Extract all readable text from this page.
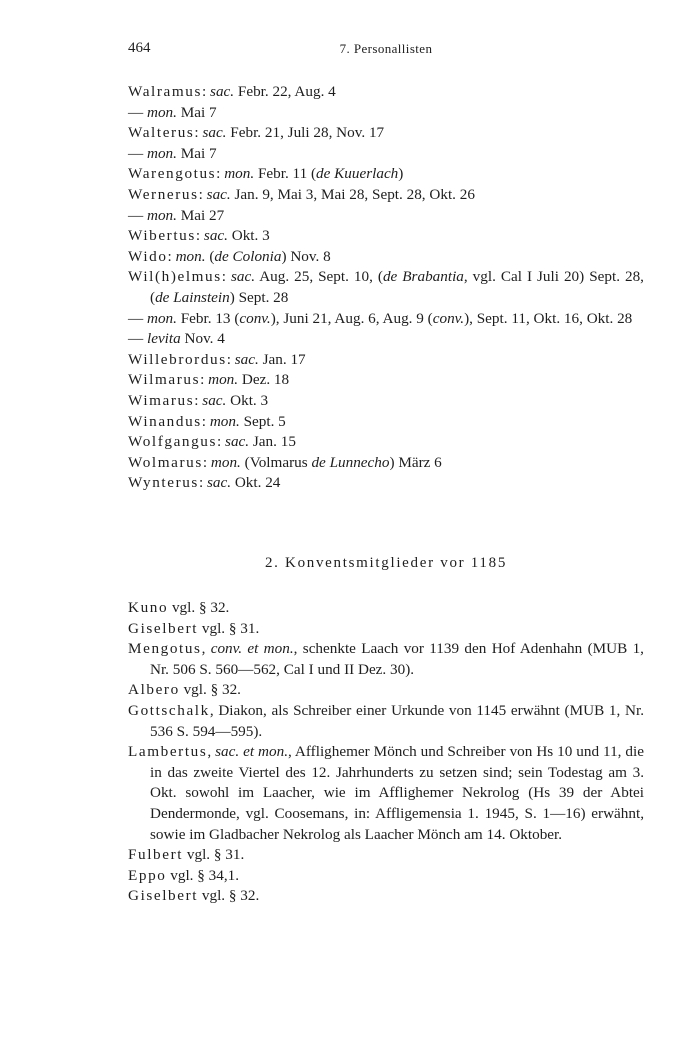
464	7. Personallisten

Walramus: sac. Febr. 22, Aug. 4

— mon. Mai 7

Walterus: sac. Febr. 21, Juli 28, Nov. 17

— mon. Mai 7

Warengotus: mon. Febr. 11 (de Kuuerlach)

Wernerus: sac. Jan. 9, Mai 3, Mai 28, Sept. 28, Okt. 26

— mon. Mai 27

Wibertus: sac. Okt. 3

Wido: mon. (de Colonia) Nov. 8

Wil(h)elmus: sac. Aug. 25, Sept. 10, (de Brabantia, vgl. Cal I Juli 20) Sept. 28, (de Lainstein) Sept. 28

— mon. Febr. 13 (conv.), Juni 21, Aug. 6, Aug. 9 (conv.), Sept. 11, Okt. 16, Okt. 28

— levita Nov. 4

Willebrordus: sac. Jan. 17

Wilmarus: mon. Dez. 18

Wimarus: sac. Okt. 3

Winandus: mon. Sept. 5

Wolfgangus: sac. Jan. 15

Wolmarus: mon. (Volmarus de Lunnecho) März 6

Wynterus: sac. Okt. 24

2. Konventsmitglieder vor 1185

Kuno vgl. § 32.

Giselbert vgl. § 31.

Mengotus, conv. et mon., schenkte Laach vor 1139 den Hof Adenhahn (MUB 1, Nr. 506 S. 560—562, Cal I und II Dez. 30).

Albero vgl. § 32.

Gottschalk, Diakon, als Schreiber einer Urkunde von 1145 erwähnt (MUB 1, Nr. 536 S. 594—595).

Lambertus, sac. et mon., Afflighemer Mönch und Schreiber von Hs 10 und 11, die in das zweite Viertel des 12. Jahrhunderts zu setzen sind; sein Todestag am 3. Okt. sowohl im Laacher, wie im Afflighemer Nekrolog (Hs 39 der Abtei Dendermonde, vgl. Coosemans, in: Affligemensia 1. 1945, S. 1—16) erwähnt, sowie im Gladbacher Nekrolog als Laacher Mönch am 14. Oktober.

Fulbert vgl. § 31.

Eppo vgl. § 34,1.

Giselbert vgl. § 32.
